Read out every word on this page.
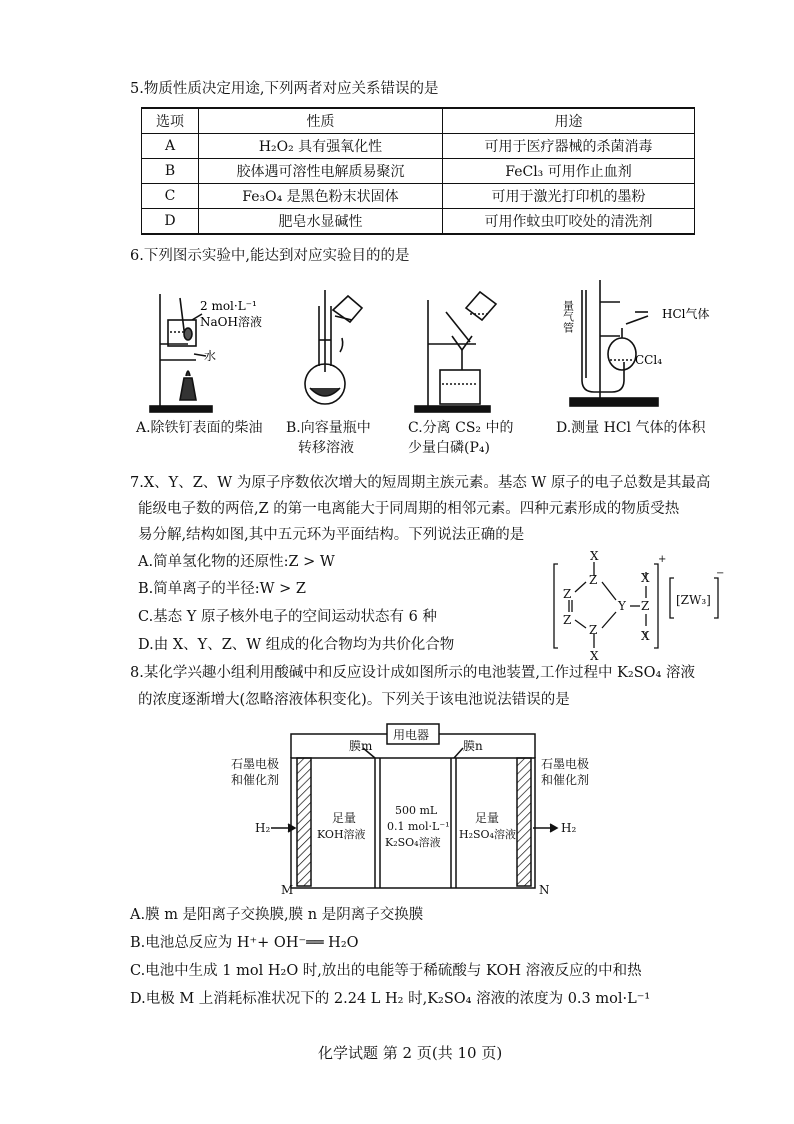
5.物质性质决定用途,下列两者对应关系错误的是
选项	性质	用途
A	H₂O₂ 具有强氧化性	可用于医疗器械的杀菌消毒
B	胶体遇可溶性电解质易聚沉	FeCl₃ 可用作止血剂
C	Fe₃O₄ 是黑色粉末状固体	可用于激光打印机的墨粉
D	肥皂水显碱性	可用作蚊虫叮咬处的清洗剂
6.下列图示实验中,能达到对应实验目的的是
2 mol·L⁻¹
NaOH溶液
水
HCl气体
CCl₄
量气管
A.除铁钉表面的柴油 B.向容量瓶中
转移溶液
C.分离 CS₂ 中的
少量白磷(P₄)
D.测量 HCl 气体的体积
7.X、Y、Z、W 为原子序数依次增大的短周期主族元素。基态 W 原子的电子总数是其最高
能级电子数的两倍,Z 的第一电离能大于同周期的相邻元素。四种元素形成的物质受热
易分解,结构如图,其中五元环为平面结构。下列说法正确的是
A.简单氢化物的还原性:Z > W
B.简单离子的半径:W > Z
C.基态 Y 原子核外电子的空间运动状态有 6 种
D.由 X、Y、Z、W 组成的化合物均为共价化合物
X
Z
Z
Z
Z
X
Y Z
X
X
+
[ZW₃]
−
8.某化学兴趣小组利用酸碱中和反应设计成如图所示的电池装置,工作过程中 K₂SO₄ 溶液
的浓度逐渐增大(忽略溶液体积变化)。下列关于该电池说法错误的是
用电器
膜m	膜n
石墨电极
和催化剂
石墨电极
和催化剂
足量
KOH溶液
500 mL
0.1 mol·L⁻¹
K₂SO₄溶液
足量
H₂SO₄溶液
H₂	H₂
M	N
A.膜 m 是阳离子交换膜,膜 n 是阴离子交换膜
B.电池总反应为 H⁺+ OH⁻══ H₂O
C.电池中生成 1 mol H₂O 时,放出的电能等于稀硫酸与 KOH 溶液反应的中和热
D.电极 M 上消耗标准状况下的 2.24 L H₂ 时,K₂SO₄ 溶液的浓度为 0.3 mol·L⁻¹
化学试题 第 2 页(共 10 页)
